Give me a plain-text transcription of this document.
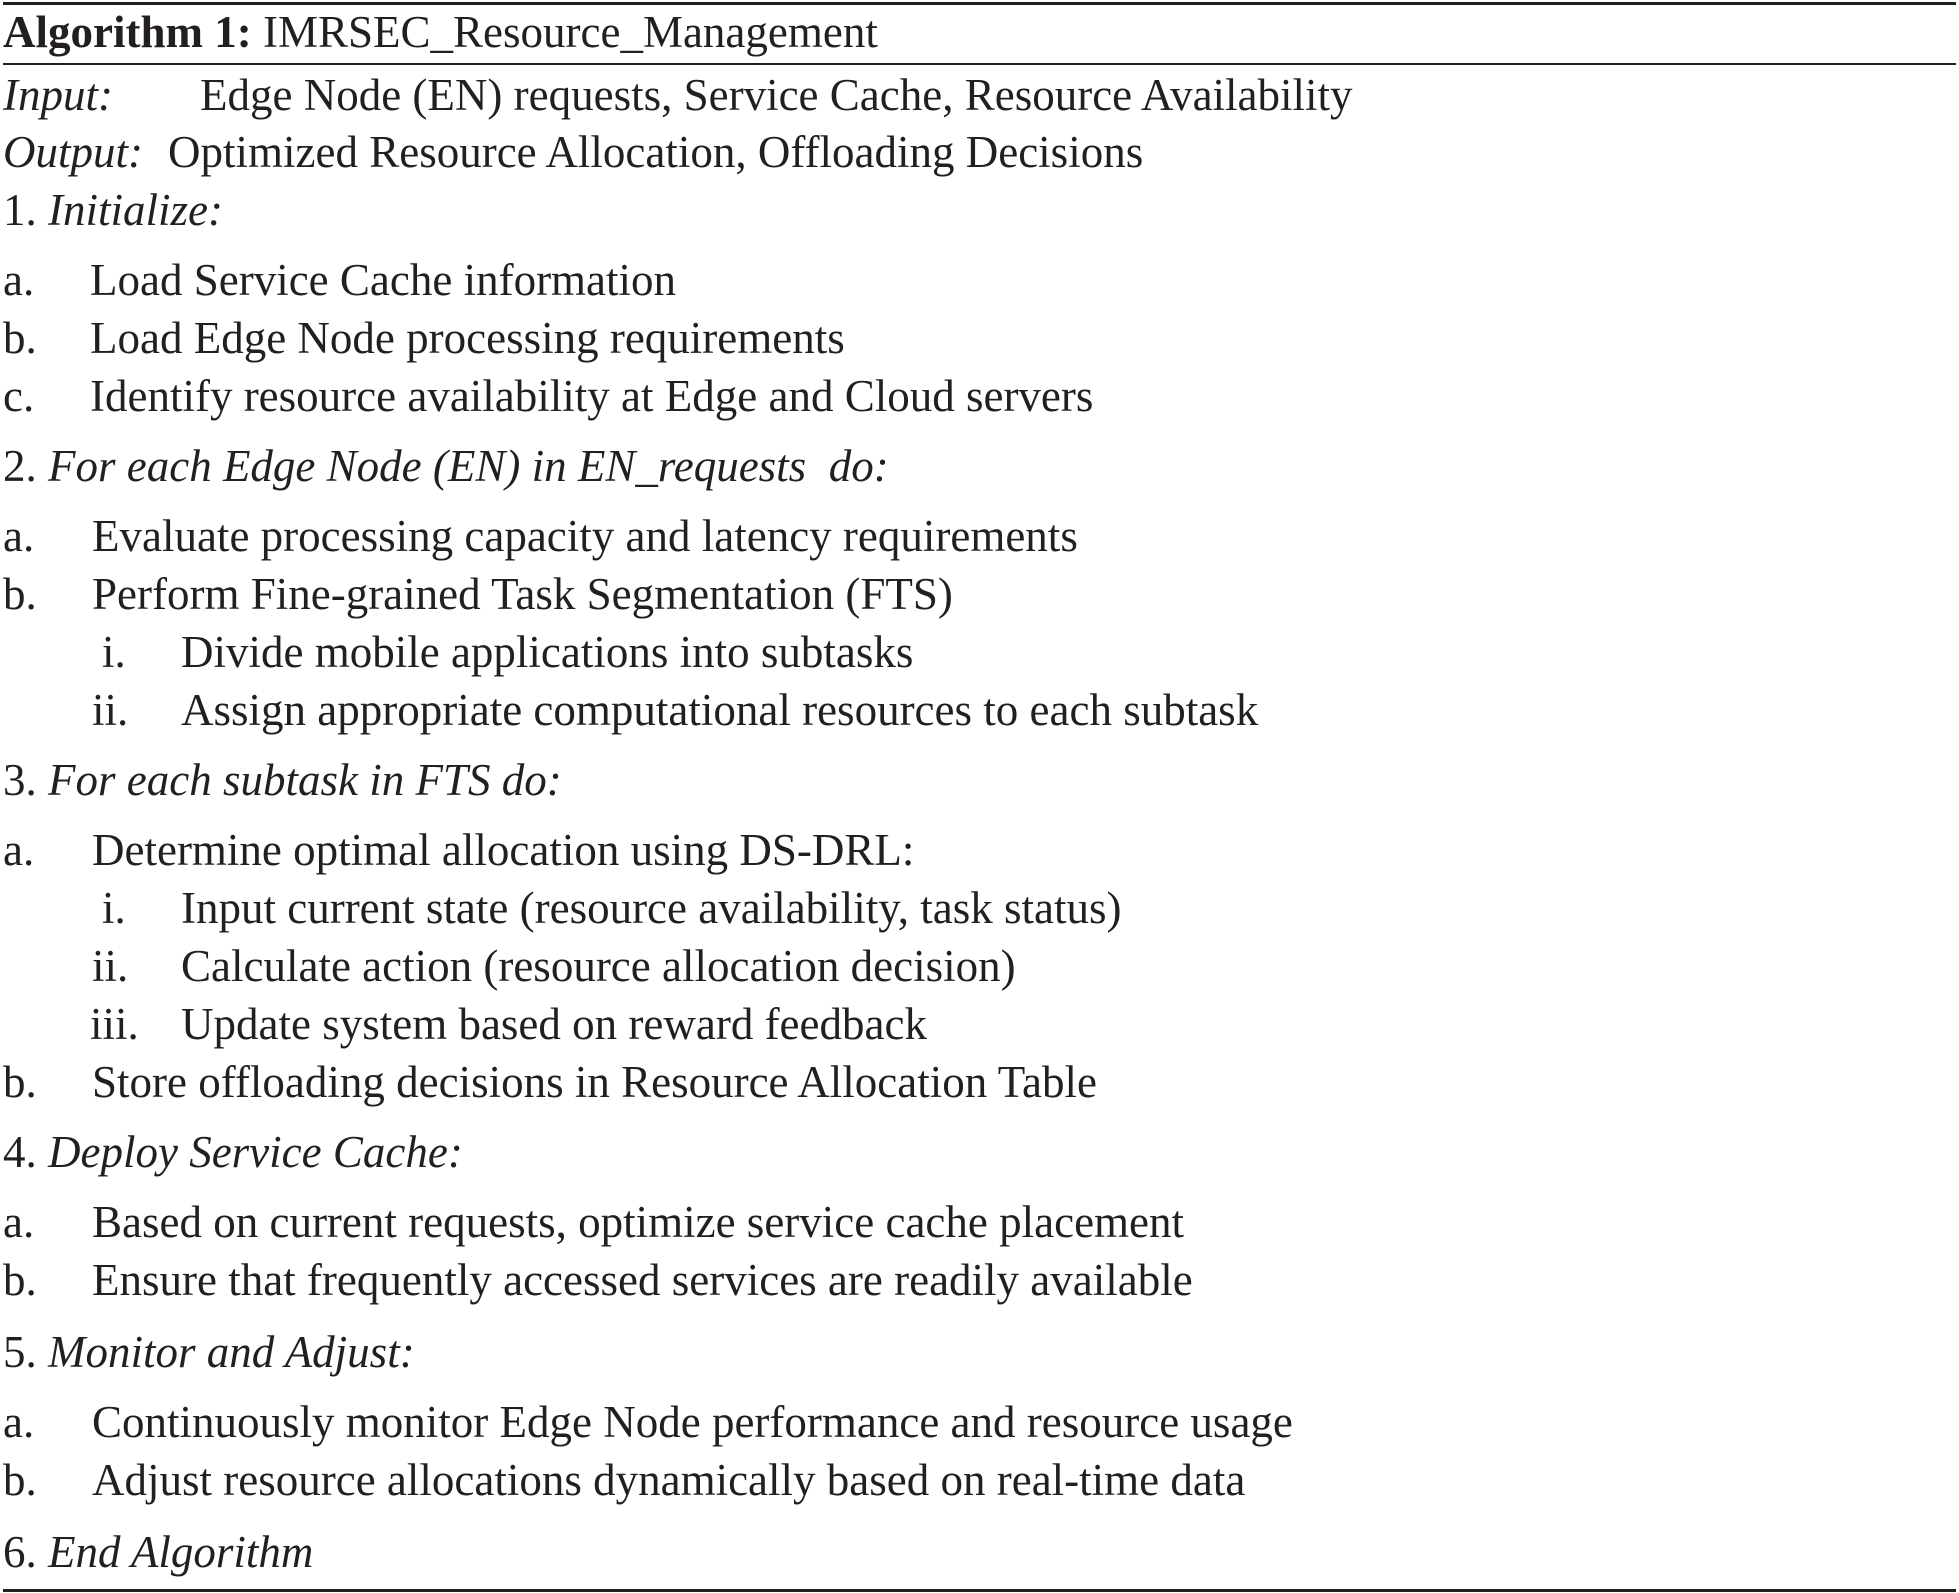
Algorithm 1: IMRSEC_Resource_Management
Input: Edge Node (EN) requests, Service Cache, Resource Availability
Output: Optimized Resource Allocation, Offloading Decisions
1. Initialize:
a. Load Service Cache information
b. Load Edge Node processing requirements
c. Identify resource availability at Edge and Cloud servers
2. For each Edge Node (EN) in EN_requests  do:
a. Evaluate processing capacity and latency requirements
b. Perform Fine-grained Task Segmentation (FTS)
i. Divide mobile applications into subtasks
ii. Assign appropriate computational resources to each subtask
3. For each subtask in FTS do:
a. Determine optimal allocation using DS-DRL:
i. Input current state (resource availability, task status)
ii. Calculate action (resource allocation decision)
iii. Update system based on reward feedback
b. Store offloading decisions in Resource Allocation Table
4. Deploy Service Cache:
a. Based on current requests, optimize service cache placement
b. Ensure that frequently accessed services are readily available
5. Monitor and Adjust:
a. Continuously monitor Edge Node performance and resource usage
b. Adjust resource allocations dynamically based on real-time data
6. End Algorithm
